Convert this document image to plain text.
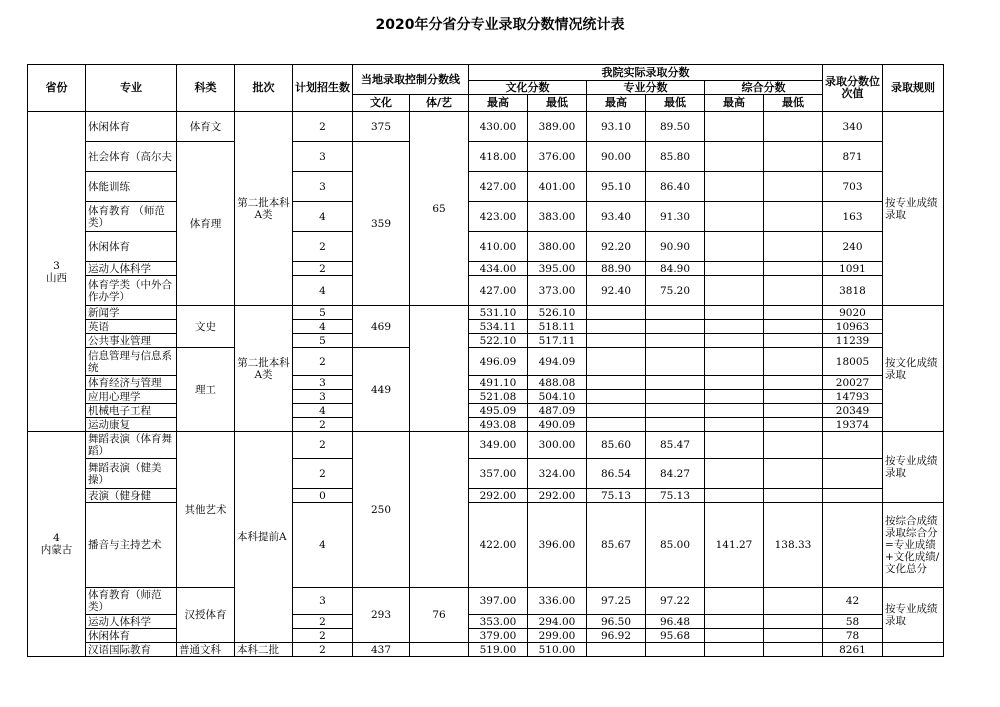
2020年分省分专业录取分数情况统计表
省份	专业	科类	批次	计划招生数	当地录取控制分数线		我院实际录取分数						录取分数位次值	录取规则
							文化分数		专业分数		综合分数			
					文化	体/艺	最高	最低	最高	最低	最高	最低		
3
山西	休闲体育	体育文	第二批本科A类	2	375	65	430.00	389.00	93.10	89.50			340	按专业成绩录取
	社会体育（高尔夫	体育理		3	359		418.00	376.00	90.00	85.80			871	
	体能训练			3			427.00	401.00	95.10	86.40			703	
	体育教育 （师范类）			4			423.00	383.00	93.40	91.30			163	
	休闲体育			2			410.00	380.00	92.20	90.90			240	
	运动人体科学			2			434.00	395.00	88.90	84.90			1091	
	体育学类（中外合作办学）			4			427.00	373.00	92.40	75.20			3818	
	新闻学	文史	第二批本科A类	5	469		531.10	526.10					9020	按文化成绩录取
	英语			4			534.11	518.11					10963	
	公共事业管理			5			522.10	517.11					11239	
	信息管理与信息系统	理工		2	449		496.09	494.09					18005	
	体育经济与管理			3			491.10	488.08					20027	
	应用心理学			3			521.08	504.10					14793	
	机械电子工程			4			495.09	487.09					20349	
	运动康复			2			493.08	490.09					19374	
4
内蒙古	舞蹈表演（体育舞蹈）	其他艺术	本科提前A	2	250		349.00	300.00	85.60	85.47				按专业成绩录取
	舞蹈表演（健美操）			2			357.00	324.00	86.54	84.27				
	表演（健身健			0			292.00	292.00	75.13	75.13				
	播音与主持艺术			4			422.00	396.00	85.67	85.00	141.27	138.33		按综合成绩录取综合分=专业成绩+文化成绩/文化总分
	体育教育（师范类）	汉授体育		3	293	76	397.00	336.00	97.25	97.22			42	按专业成绩录取
	运动人体科学			2			353.00	294.00	96.50	96.48			58	
	休闲体育			2			379.00	299.00	96.92	95.68			78	
	汉语国际教育	普通文科	本科二批	2	437		519.00	510.00					8261	
